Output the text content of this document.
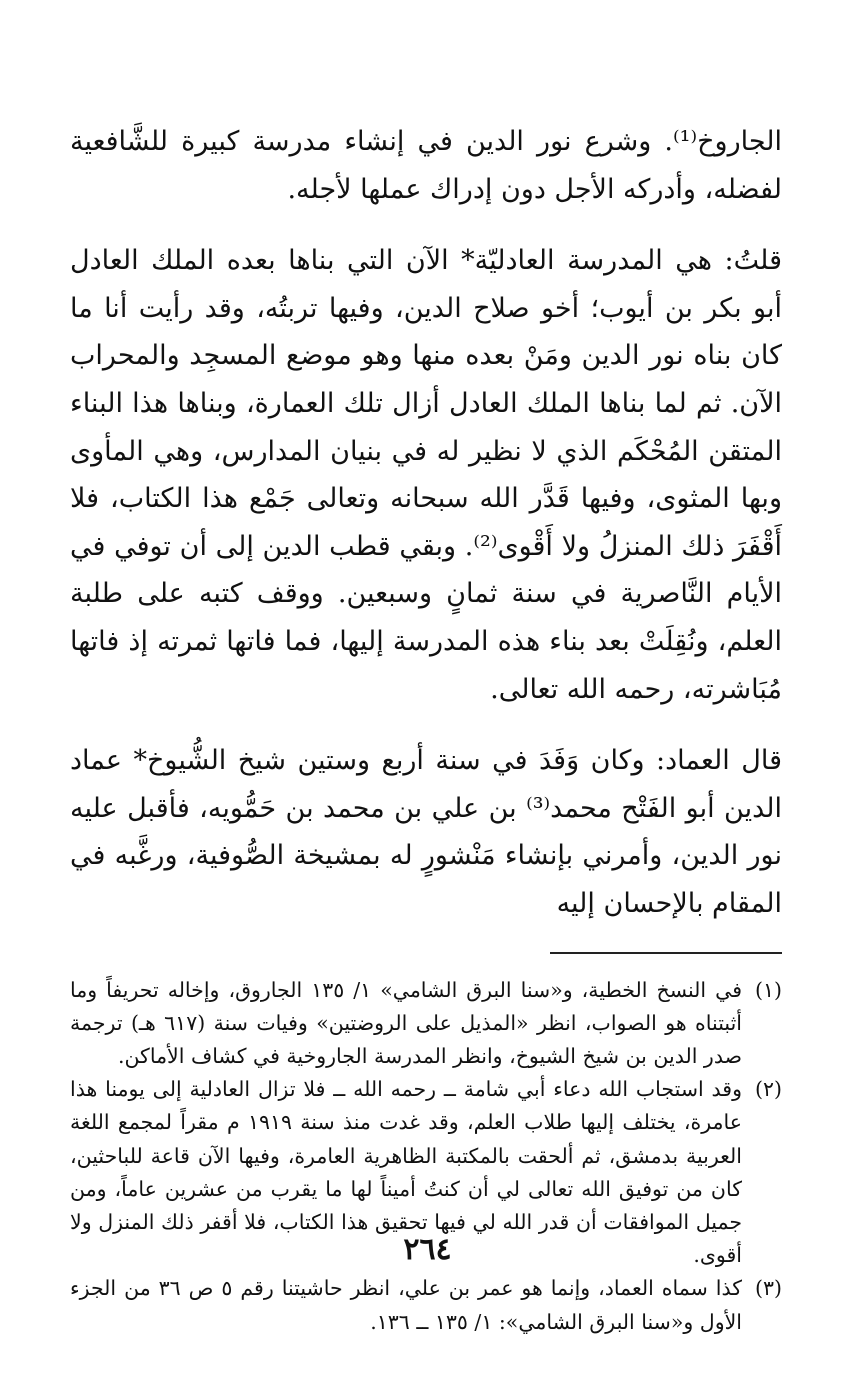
الجاروخ⁽¹⁾. وشرع نور الدين في إنشاء مدرسة كبيرة للشَّافعية لفضله، وأدركه الأجل دون إدراك عملها لأجله.

قلتُ: هي المدرسة العادليّة* الآن التي بناها بعده الملك العادل أبو بكر بن أيوب؛ أخو صلاح الدين، وفيها تربتُه، وقد رأيت أنا ما كان بناه نور الدين ومَنْ بعده منها وهو موضع المسجِد والمحراب الآن. ثم لما بناها الملك العادل أزال تلك العمارة، وبناها هذا البناء المتقن المُحْكَم الذي لا نظير له في بنيان المدارس، وهي المأوى وبها المثوى، وفيها قَدَّر الله سبحانه وتعالى جَمْع هذا الكتاب، فلا أَقْفَرَ ذلك المنزلُ ولا أَقْوى⁽²⁾. وبقي قطب الدين إلى أن توفي في الأيام النَّاصرية في سنة ثمانٍ وسبعين. ووقف كتبه على طلبة العلم، ونُقِلَتْ بعد بناء هذه المدرسة إليها، فما فاتها ثمرته إذ فاتها مُبَاشرته، رحمه الله تعالى.

قال العماد: وكان وَفَدَ في سنة أربع وستين شيخ الشُّيوخ* عماد الدين أبو الفَتْح محمد⁽³⁾ بن علي بن محمد بن حَمُّويه، فأقبل عليه نور الدين، وأمرني بإنشاء مَنْشورٍ له بمشيخة الصُّوفية، ورغَّبه في المقام بالإحسان إليه

(١)
في النسخ الخطية، و«سنا البرق الشامي» ١/ ١٣٥ الجاروق، وإخاله تحريفاً وما أثبتناه هو الصواب، انظر «المذيل على الروضتين» وفيات سنة (٦١٧ هـ) ترجمة صدر الدين بن شيخ الشيوخ، وانظر المدرسة الجاروخية في كشاف الأماكن.
(٢)
وقد استجاب الله دعاء أبي شامة ــ رحمه الله ــ فلا تزال العادلية إلى يومنا هذا عامرة، يختلف إليها طلاب العلم، وقد غدت منذ سنة ١٩١٩ م مقراً لمجمع اللغة العربية بدمشق، ثم ألحقت بالمكتبة الظاهرية العامرة، وفيها الآن قاعة للباحثين، كان من توفيق الله تعالى لي أن كنتُ أميناً لها ما يقرب من عشرين عاماً، ومن جميل الموافقات أن قدر الله لي فيها تحقيق هذا الكتاب، فلا أقفر ذلك المنزل ولا أقوى.
(٣)
كذا سماه العماد، وإنما هو عمر بن علي، انظر حاشيتنا رقم ٥ ص ٣٦ من الجزء الأول و«سنا البرق الشامي»: ١/ ١٣٥ ــ ١٣٦.
٢٦٤
